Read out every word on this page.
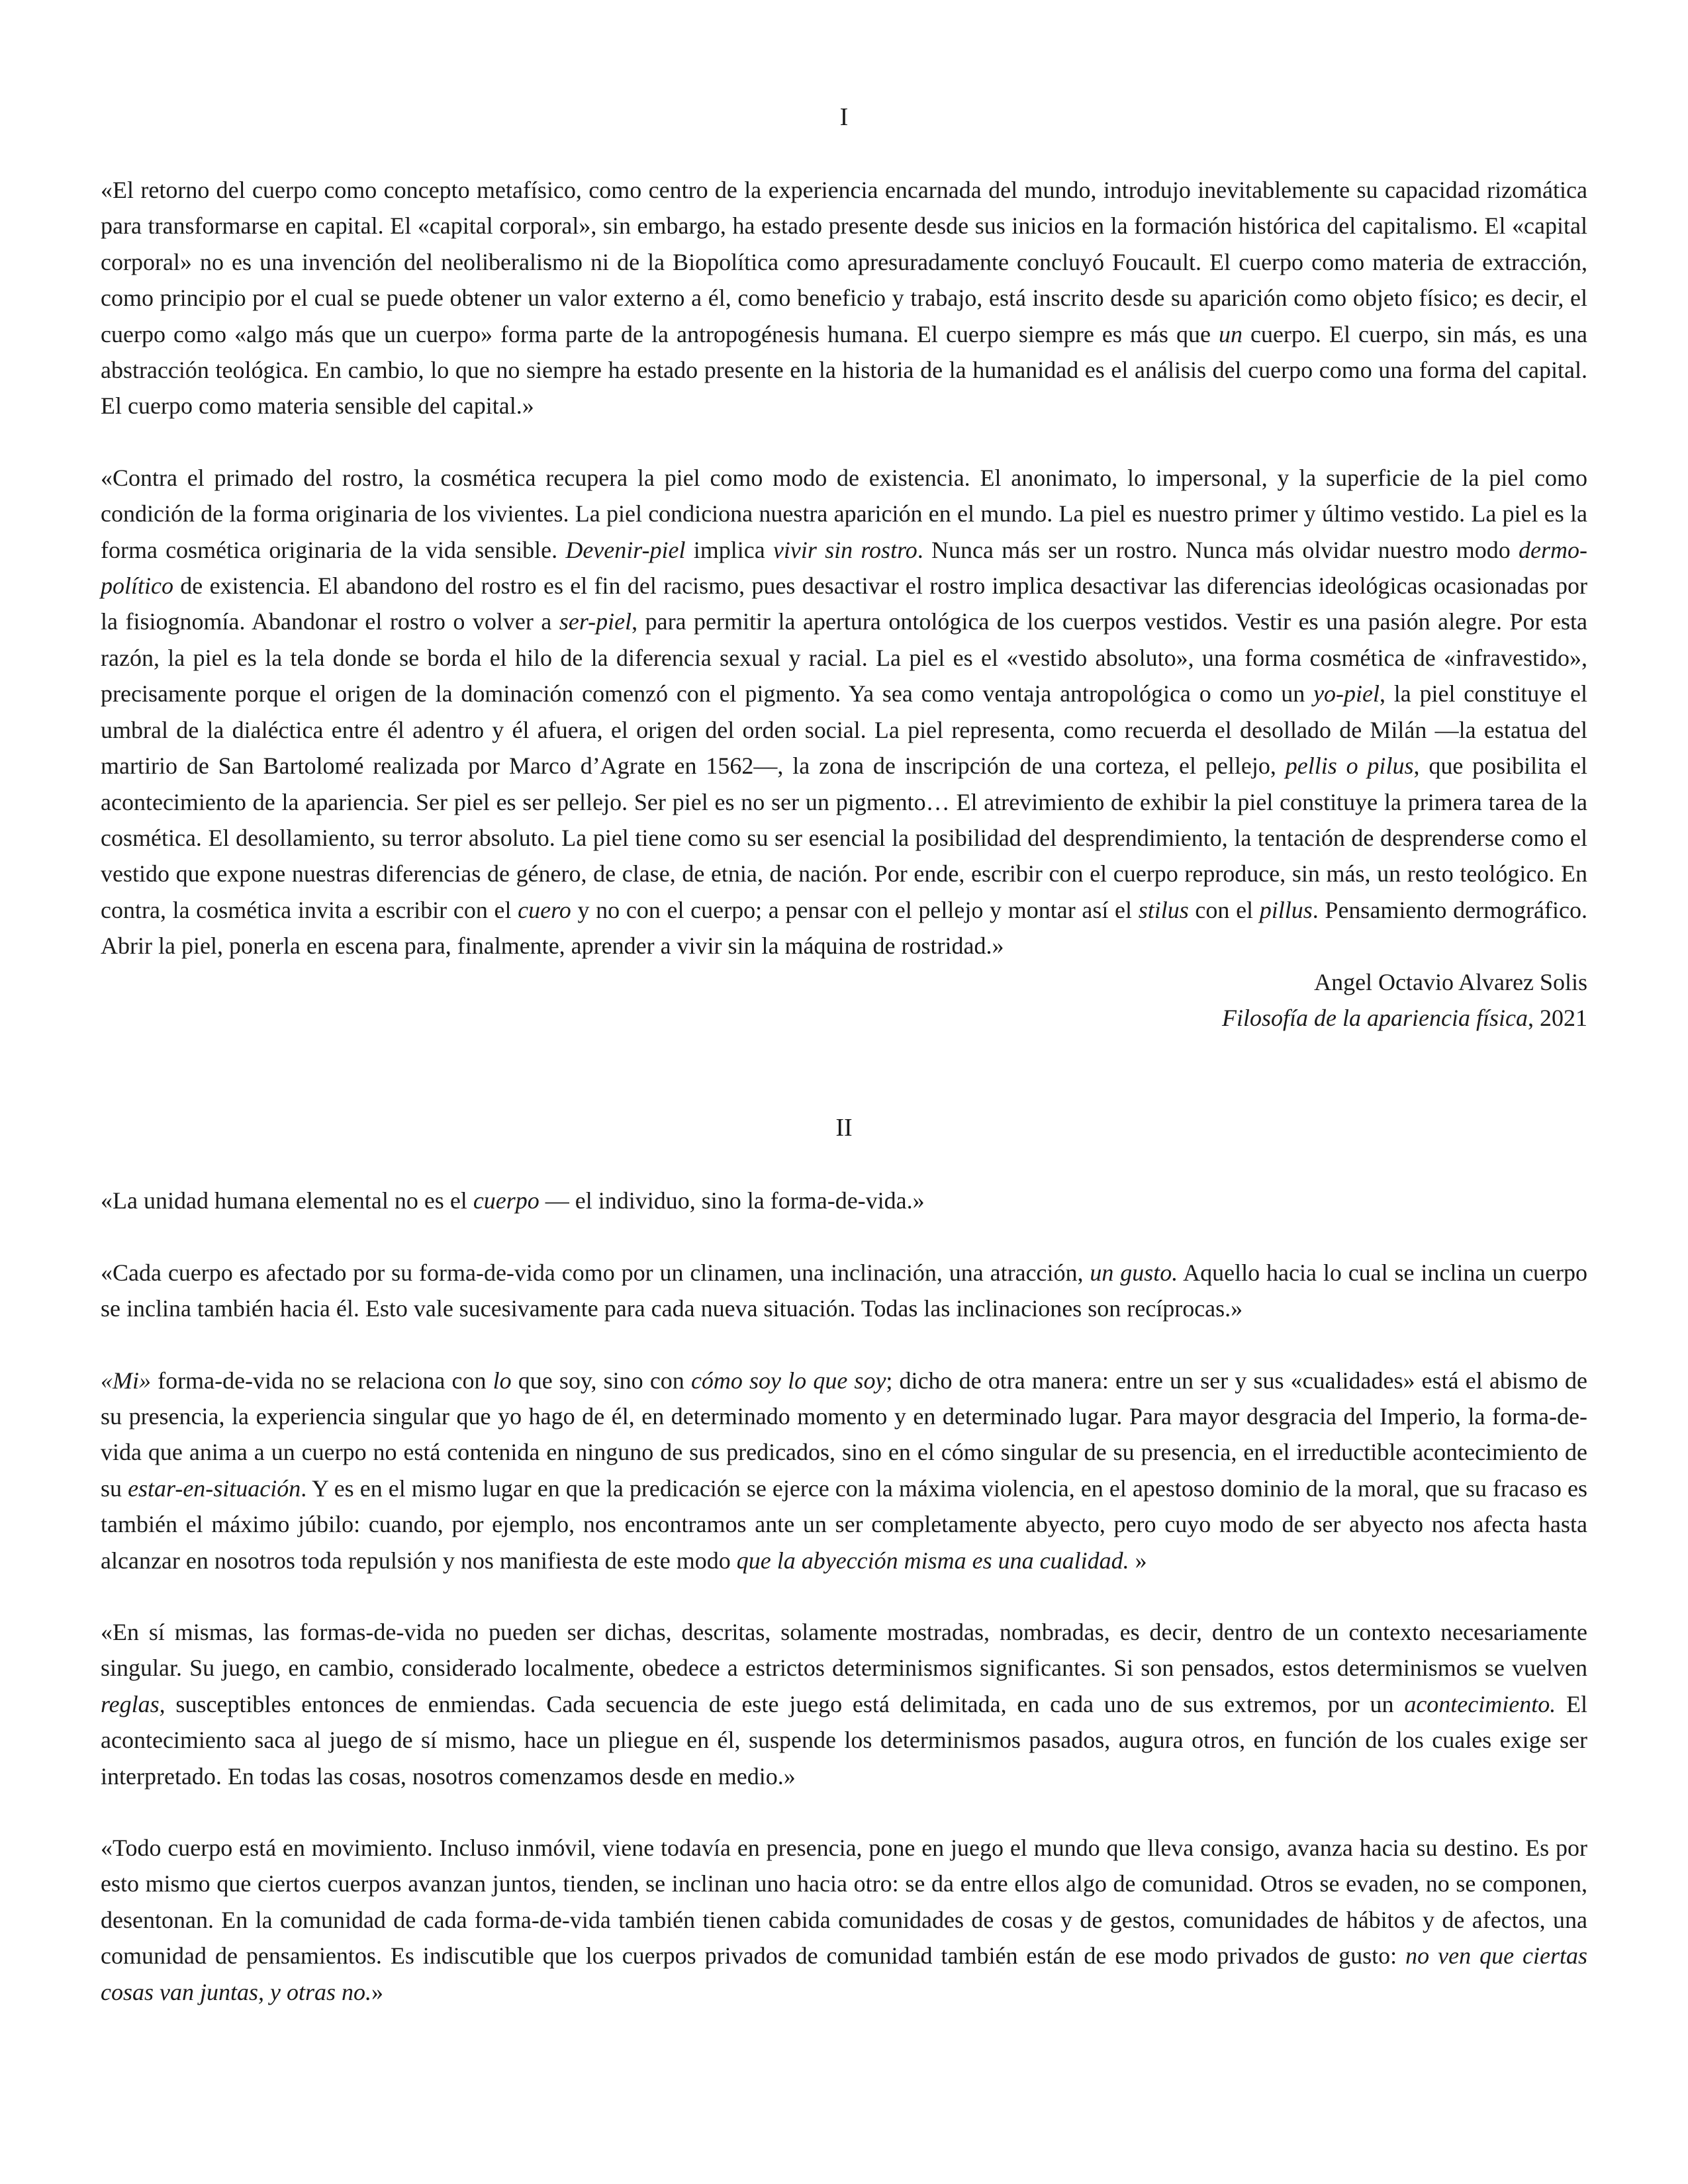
I

«El retorno del cuerpo como concepto metafísico, como centro de la experiencia encarnada del mundo, introdujo inevitablemente su capacidad rizomática para transformarse en capital. El «capital corporal», sin embargo, ha estado presente desde sus inicios en la formación histórica del capitalismo. El «capital corporal» no es una invención del neoliberalismo ni de la Biopolítica como apresuradamente concluyó Foucault. El cuerpo como materia de extracción, como principio por el cual se puede obtener un valor externo a él, como beneficio y trabajo, está inscrito desde su aparición como objeto físico; es decir, el cuerpo como «algo más que un cuerpo» forma parte de la antropogénesis humana. El cuerpo siempre es más que un cuerpo. El cuerpo, sin más, es una abstracción teológica. En cambio, lo que no siempre ha estado presente en la historia de la humanidad es el análisis del cuerpo como una forma del capital. El cuerpo como materia sensible del capital.»

«Contra el primado del rostro, la cosmética recupera la piel como modo de existencia. El anonimato, lo impersonal, y la superficie de la piel como condición de la forma originaria de los vivientes. La piel condiciona nuestra aparición en el mundo. La piel es nuestro primer y último vestido. La piel es la forma cosmética originaria de la vida sensible. Devenir-piel implica vivir sin rostro. Nunca más ser un rostro. Nunca más olvidar nuestro modo dermo-político de existencia. El abandono del rostro es el fin del racismo, pues desactivar el rostro implica desactivar las diferencias ideológicas ocasionadas por la fisiognomía. Abandonar el rostro o volver a ser-piel, para permitir la apertura ontológica de los cuerpos vestidos. Vestir es una pasión alegre. Por esta razón, la piel es la tela donde se borda el hilo de la diferencia sexual y racial. La piel es el «vestido absoluto», una forma cosmética de «infravestido», precisamente porque el origen de la dominación comenzó con el pigmento. Ya sea como ventaja antropológica o como un yo-piel, la piel constituye el umbral de la dialéctica entre él adentro y él afuera, el origen del orden social. La piel representa, como recuerda el desollado de Milán —la estatua del martirio de San Bartolomé realizada por Marco d’Agrate en 1562—, la zona de inscripción de una corteza, el pellejo, pellis o pilus, que posibilita el acontecimiento de la apariencia. Ser piel es ser pellejo. Ser piel es no ser un pigmento… El atrevimiento de exhibir la piel constituye la primera tarea de la cosmética. El desollamiento, su terror absoluto. La piel tiene como su ser esencial la posibilidad del desprendimiento, la tentación de desprenderse como el vestido que expone nuestras diferencias de género, de clase, de etnia, de nación. Por ende, escribir con el cuerpo reproduce, sin más, un resto teológico. En contra, la cosmética invita a escribir con el cuero y no con el cuerpo; a pensar con el pellejo y montar así el stilus con el pillus. Pensamiento dermográfico. Abrir la piel, ponerla en escena para, finalmente, aprender a vivir sin la máquina de rostridad.»

Angel Octavio Alvarez Solis

Filosofía de la apariencia física, 2021

II

«La unidad humana elemental no es el cuerpo — el individuo, sino la forma-de-vida.»

«Cada cuerpo es afectado por su forma-de-vida como por un clinamen, una inclinación, una atracción, un gusto. Aquello hacia lo cual se inclina un cuerpo se inclina también hacia él. Esto vale sucesivamente para cada nueva situación. Todas las inclinaciones son recíprocas.»

«Mi» forma-de-vida no se relaciona con lo que soy, sino con cómo soy lo que soy; dicho de otra manera: entre un ser y sus «cualidades» está el abismo de su presencia, la experiencia singular que yo hago de él, en determinado momento y en determinado lugar. Para mayor desgracia del Imperio, la forma-de-vida que anima a un cuerpo no está contenida en ninguno de sus predicados, sino en el cómo singular de su presencia, en el irreductible acontecimiento de su estar-en-situación. Y es en el mismo lugar en que la predicación se ejerce con la máxima violencia, en el apestoso dominio de la moral, que su fracaso es también el máximo júbilo: cuando, por ejemplo, nos encontramos ante un ser completamente abyecto, pero cuyo modo de ser abyecto nos afecta hasta alcanzar en nosotros toda repulsión y nos manifiesta de este modo que la abyección misma es una cualidad. »

«En sí mismas, las formas-de-vida no pueden ser dichas, descritas, solamente mostradas, nombradas, es decir, dentro de un contexto necesariamente singular. Su juego, en cambio, considerado localmente, obedece a estrictos determinismos significantes. Si son pensados, estos determinismos se vuelven reglas, susceptibles entonces de enmiendas. Cada secuencia de este juego está delimitada, en cada uno de sus extremos, por un acontecimiento. El acontecimiento saca al juego de sí mismo, hace un pliegue en él, suspende los determinismos pasados, augura otros, en función de los cuales exige ser interpretado. En todas las cosas, nosotros comenzamos desde en medio.»

«Todo cuerpo está en movimiento. Incluso inmóvil, viene todavía en presencia, pone en juego el mundo que lleva consigo, avanza hacia su destino. Es por esto mismo que ciertos cuerpos avanzan juntos, tienden, se inclinan uno hacia otro: se da entre ellos algo de comunidad. Otros se evaden, no se componen, desentonan. En la comunidad de cada forma-de-vida también tienen cabida comunidades de cosas y de gestos, comunidades de hábitos y de afectos, una comunidad de pensamientos. Es indiscutible que los cuerpos privados de comunidad también están de ese modo privados de gusto: no ven que ciertas cosas van juntas, y otras no.»
